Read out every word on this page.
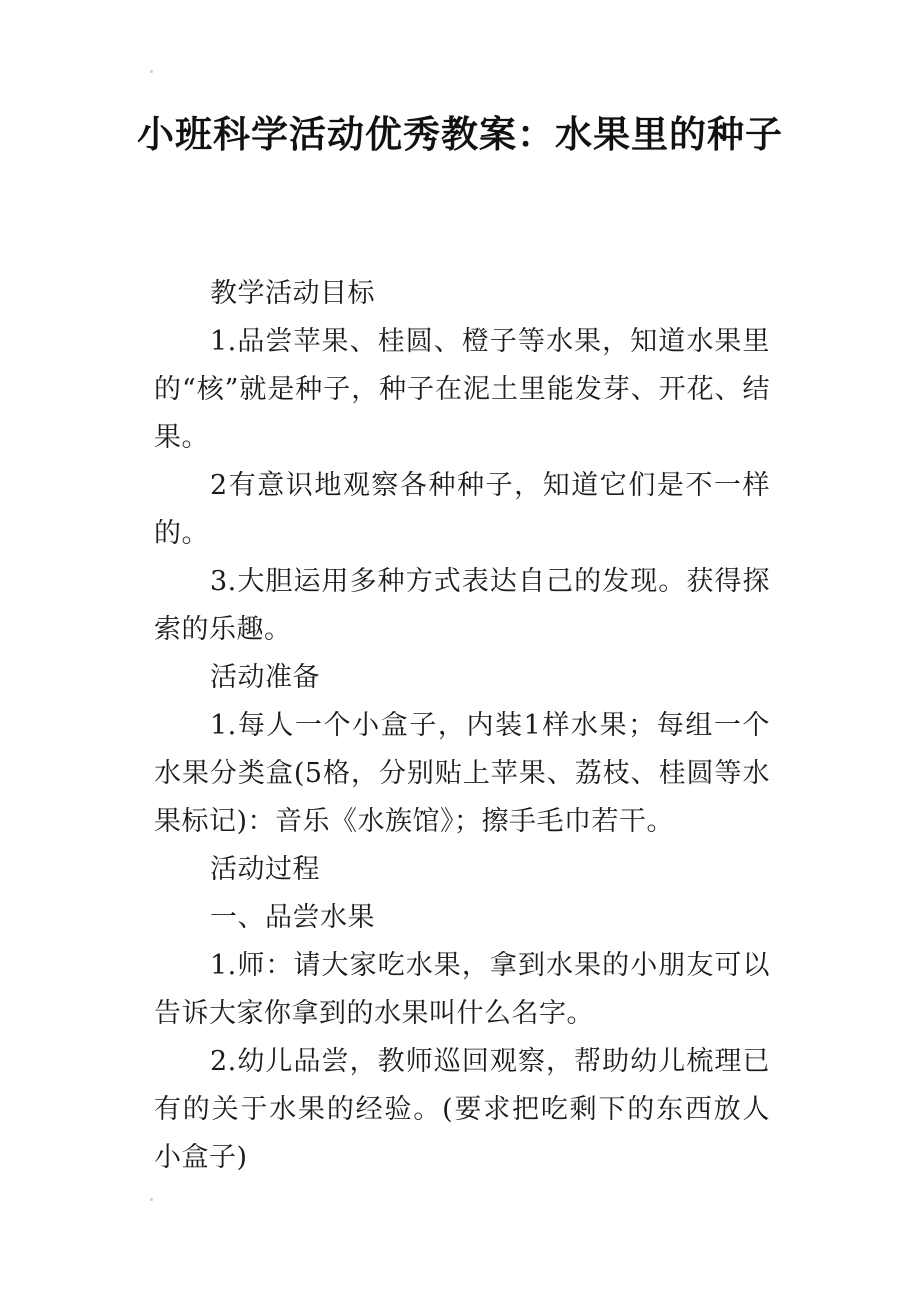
小班科学活动优秀教案：水果里的种子

教学活动目标

1.品尝苹果、桂圆、橙子等水果，知道水果里的“核”就是种子，种子在泥土里能发芽、开花、结果。

2有意识地观察各种种子，知道它们是不一样的。

3.大胆运用多种方式表达自己的发现。获得探索的乐趣。

活动准备

1.每人一个小盒子，内装1样水果；每组一个水果分类盒(5格，分别贴上苹果、荔枝、桂圆等水果标记)：音乐《水族馆》；擦手毛巾若干。

活动过程

一、品尝水果

1.师：请大家吃水果，拿到水果的小朋友可以告诉大家你拿到的水果叫什么名字。

2.幼儿品尝，教师巡回观察，帮助幼儿梳理已有的关于水果的经验。(要求把吃剩下的东西放人小盒子)
